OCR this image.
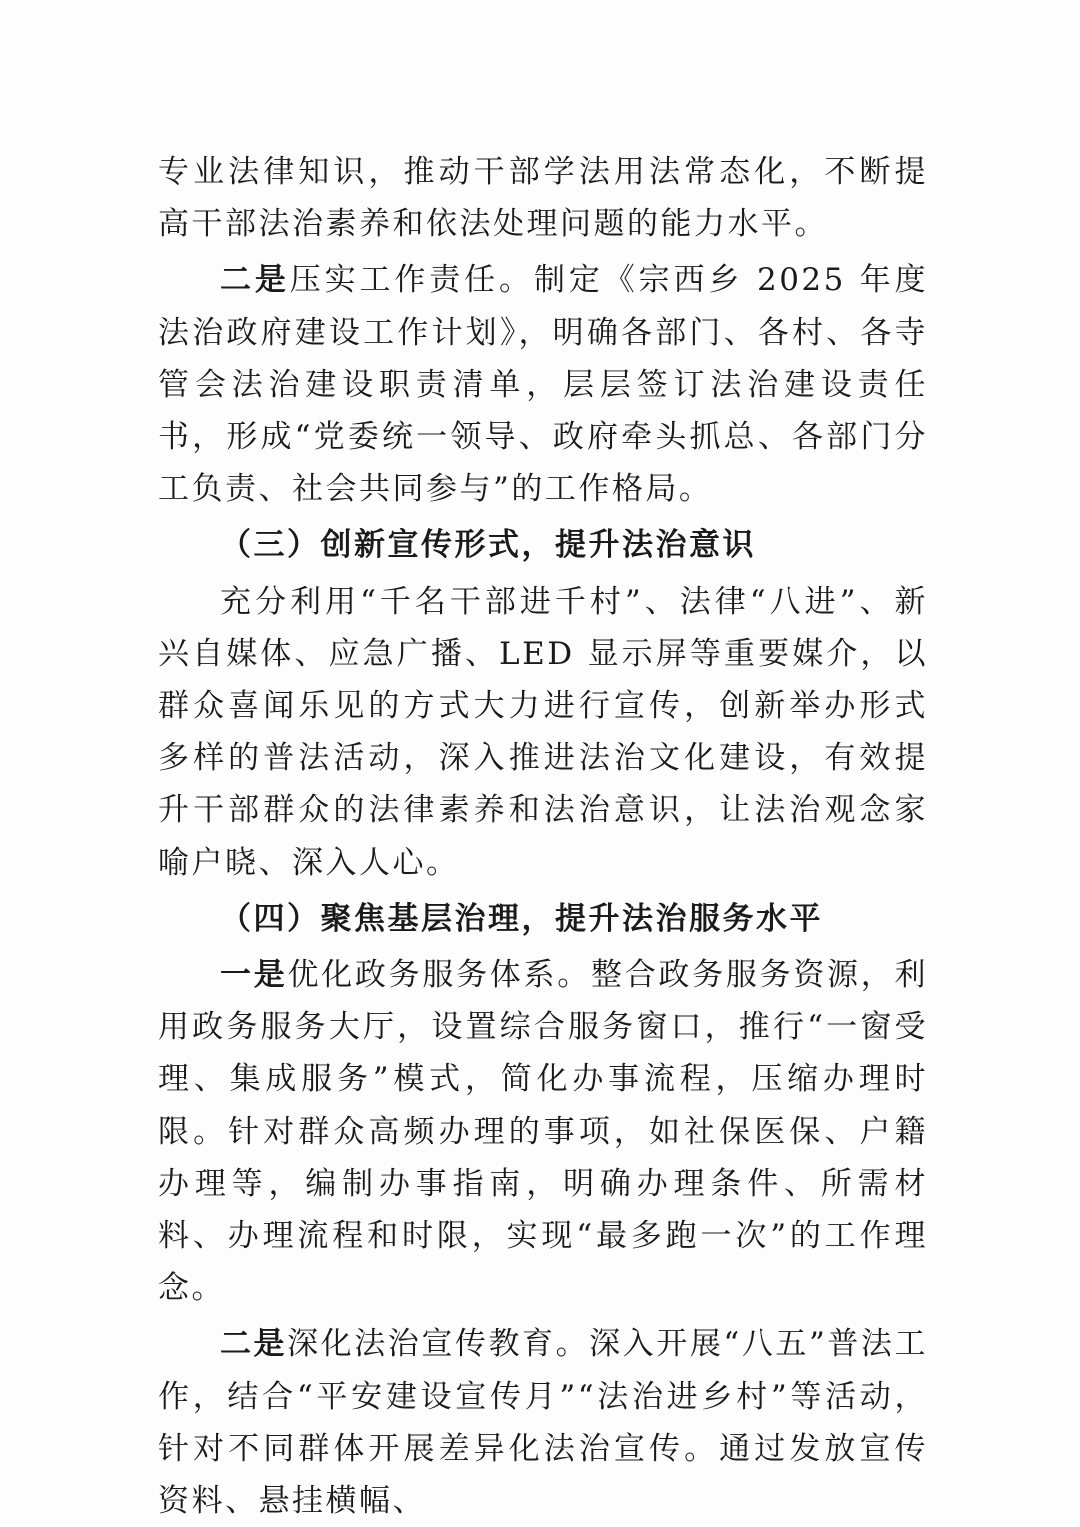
专业法律知识，推动干部学法用法常态化，不断提高干部法治素养和依法处理问题的能力水平。

二是压实工作责任。制定《宗西乡 2025 年度法治政府建设工作计划》，明确各部门、各村、各寺管会法治建设职责清单，层层签订法治建设责任书，形成“党委统一领导、政府牵头抓总、各部门分工负责、社会共同参与”的工作格局。

（三）创新宣传形式，提升法治意识

充分利用“千名干部进千村”、法律“八进”、新兴自媒体、应急广播、LED 显示屏等重要媒介，以群众喜闻乐见的方式大力进行宣传，创新举办形式多样的普法活动，深入推进法治文化建设，有效提升干部群众的法律素养和法治意识，让法治观念家喻户晓、深入人心。

（四）聚焦基层治理，提升法治服务水平

一是优化政务服务体系。整合政务服务资源，利用政务服务大厅，设置综合服务窗口，推行“一窗受理、集成服务”模式，简化办事流程，压缩办理时限。针对群众高频办理的事项，如社保医保、户籍办理等，编制办事指南，明确办理条件、所需材料、办理流程和时限，实现“最多跑一次”的工作理念。

二是深化法治宣传教育。深入开展“八五”普法工作，结合“平安建设宣传月”“法治进乡村”等活动，针对不同群体开展差异化法治宣传。通过发放宣传资料、悬挂横幅、
